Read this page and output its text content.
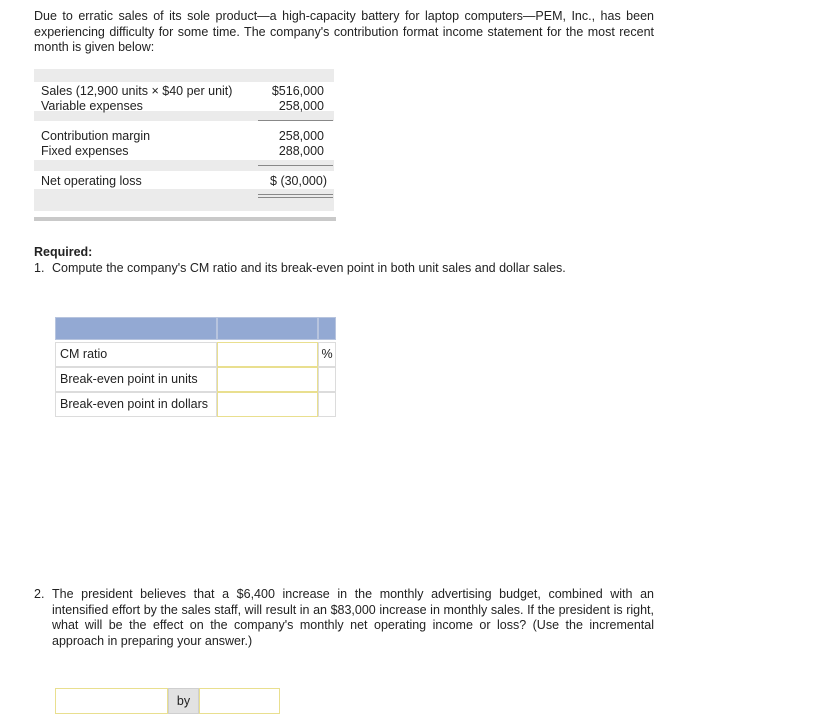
Due to erratic sales of its sole product—a high-capacity battery for laptop computers—PEM, Inc., has been experiencing difficulty for some time. The company's contribution format income statement for the most recent month is given below:

Sales (12,900 units × $40 per unit)	$516,000
Variable expenses	258,000
Contribution margin	258,000
Fixed expenses	288,000
Net operating loss	$ (30,000)
Required:
1. Compute the company's CM ratio and its break-even point in both unit sales and dollar sales.
CM ratio	%
Break-even point in units
Break-even point in dollars
2. The president believes that a $6,400 increase in the monthly advertising budget, combined with an intensified effort by the sales staff, will result in an $83,000 increase in monthly sales. If the president is right, what will be the effect on the company's monthly net operating income or loss? (Use the incremental approach in preparing your answer.)
by
